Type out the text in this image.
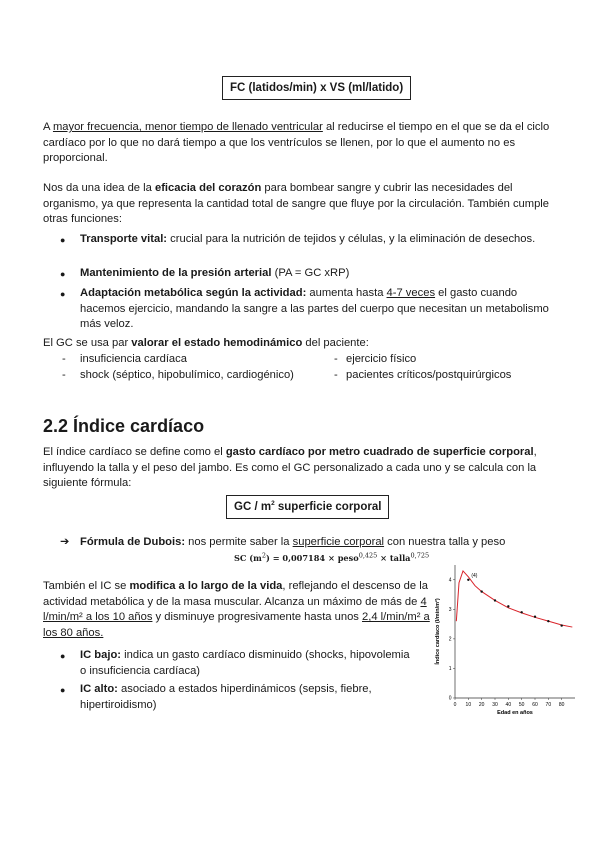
FC (latidos/min) x VS (ml/latido)

A mayor frecuencia, menor tiempo de llenado ventricular al reducirse el tiempo en el que se da el ciclo cardíaco por lo que no dará tiempo a que los ventrículos se llenen, por lo que el aumento no es proporcional.

Nos da una idea de la eficacia del corazón para bombear sangre y cubrir las necesidades del organismo, ya que representa la cantidad total de sangre que fluye por la circulación. También cumple otras funciones:

● Transporte vital: crucial para la nutrición de tejidos y células, y la eliminación de desechos.

● Mantenimiento de la presión arterial (PA = GC xRP)

● Adaptación metabólica según la actividad: aumenta hasta 4-7 veces el gasto cuando hacemos ejercicio, mandando la sangre a las partes del cuerpo que necesitan un metabolismo más veloz.

El GC se usa par valorar el estado hemodinámico del paciente:

- insuficiencia cardíaca
- shock (séptico, hipobulímico, cardiogénico)
- ejercicio físico
- pacientes críticos/postquirúrgicos
2.2 Índice cardíaco

El índice cardíaco se define como el gasto cardíaco por metro cuadrado de superficie corporal, influyendo la talla y el peso del jambo. Es como el GC personalizado a cada uno y se calcula con la siguiente fórmula:

GC / $m^2$ superficie corporal
➔ Fórmula de Dubois: nos permite saber la superficie corporal con nuestra talla y peso

SC $(m^2) = 0,007184$ × peso$^{0,425}$ × talla$^{0,725}$

También el IC se modifica a lo largo de la vida, reflejando el descenso de la actividad metabólica y de la masa muscular. Alcanza un máximo de más de 4 l/min/m² a los 10 años y disminuye progresivamente hasta unos 2,4 l/min/m² a los 80 años.

● IC bajo: indica un gasto cardíaco disminuido (shocks, hipovolemia o insuficiencia cardíaca)

● IC alto: asociado a estados hiperdinámicos (sepsis, fiebre, hipertiroidismo)	0 10 20 30 40 50 60 70 80
0
1
2
3
4
Edad en años
Índice cardíaco (l/min/m²)
(4)
